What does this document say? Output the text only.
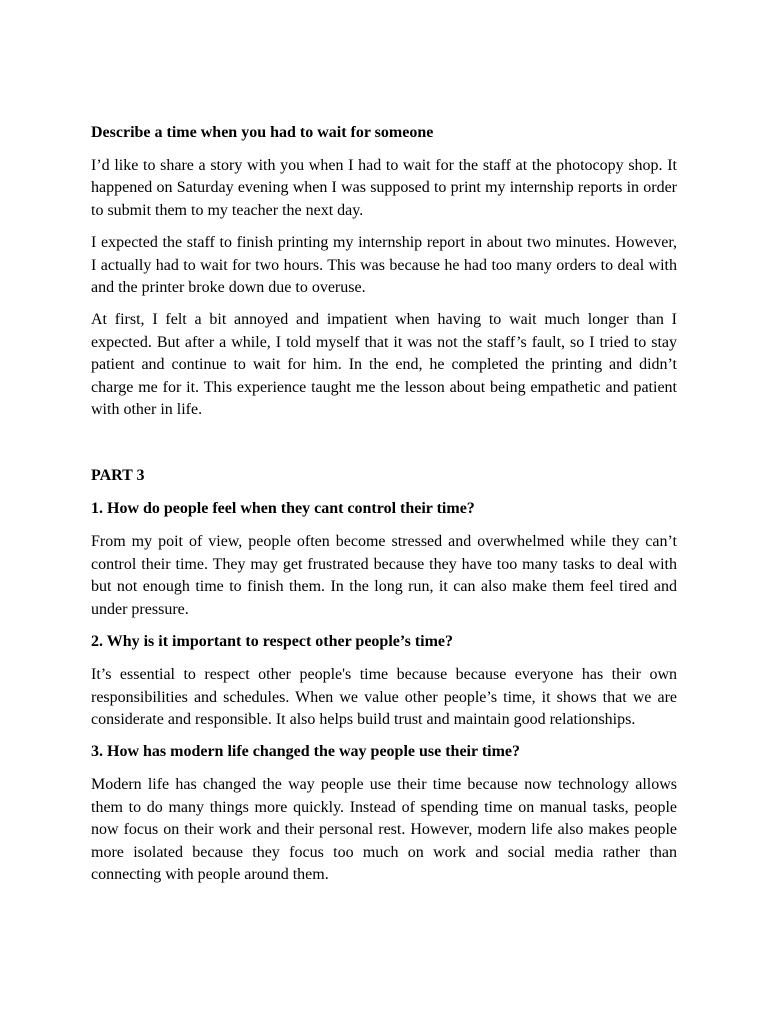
Describe a time when you had to wait for someone

I’d like to share a story with you when I had to wait for the staff at the photocopy shop. It happened on Saturday evening when I was supposed to print my internship reports in order to submit them to my teacher the next day.

I expected the staff to finish printing my internship report in about two minutes. However, I actually had to wait for two hours. This was because he had too many orders to deal with and the printer broke down due to overuse.

At first, I felt a bit annoyed and impatient when having to wait much longer than I expected. But after a while, I told myself that it was not the staff’s fault, so I tried to stay patient and continue to wait for him. In the end, he completed the printing and didn’t charge me for it. This experience taught me the lesson about being empathetic and patient with other in life.

PART 3
1. How do people feel when they cant control their time?

From my poit of view, people often become stressed and overwhelmed while they can’t control their time. They may get frustrated because they have too many tasks to deal with but not enough time to finish them. In the long run, it can also make them feel tired and under pressure.

2. Why is it important to respect other people’s time?

It’s essential to respect other people's time because because everyone has their own responsibilities and schedules. When we value other people’s time, it shows that we are considerate and responsible. It also helps build trust and maintain good relationships.

3. How has modern life changed the way people use their time?

Modern life has changed the way people use their time because now technology allows them to do many things more quickly. Instead of spending time on manual tasks, people now focus on their work and their personal rest. However, modern life also makes people more isolated because they focus too much on work and social media rather than connecting with people around them.
